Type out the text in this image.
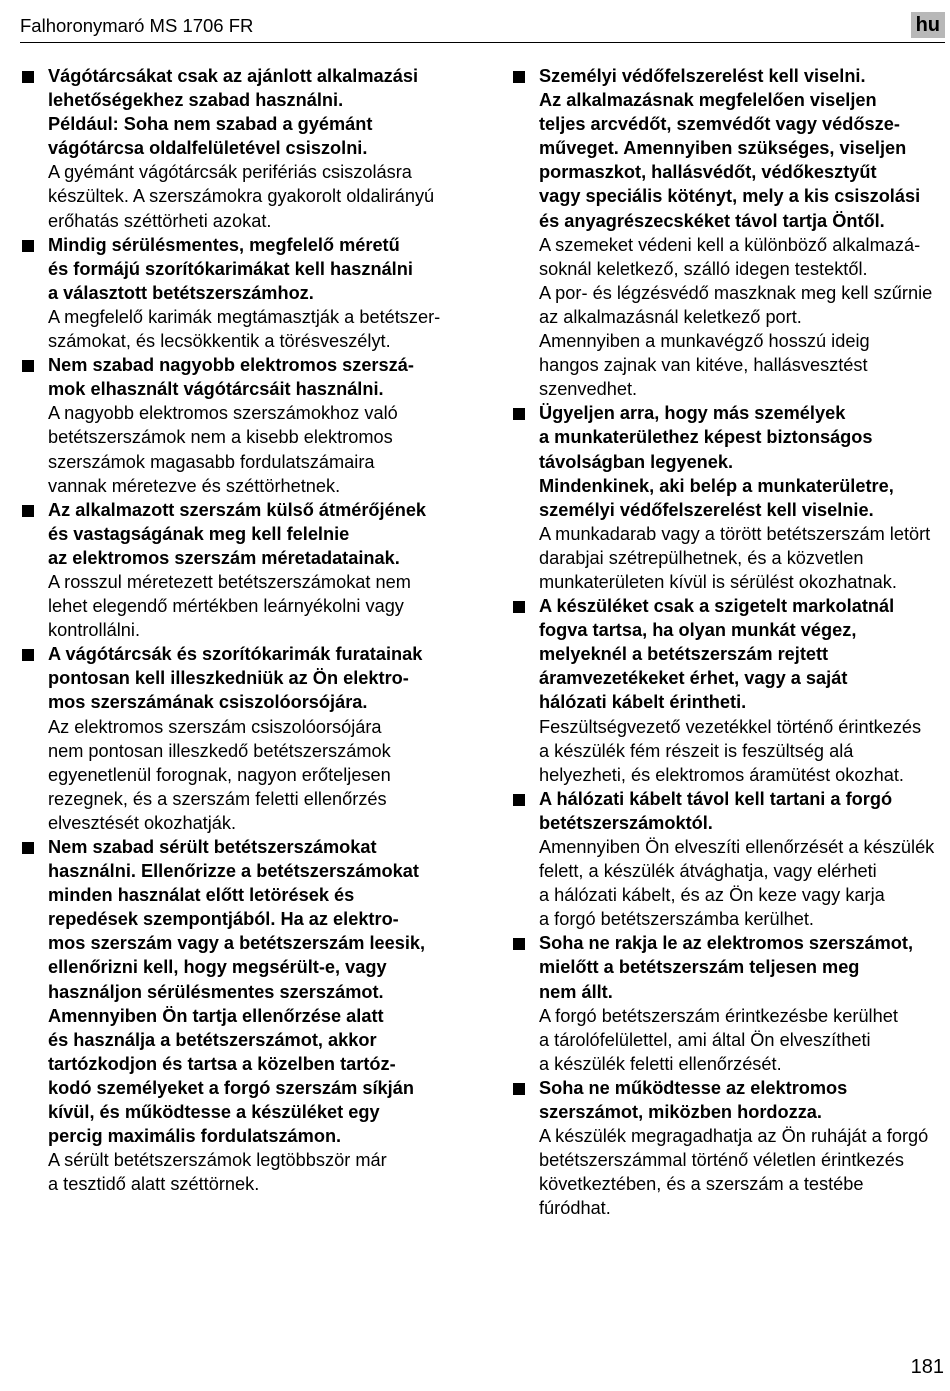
Falhoronymaró MS 1706 FR	hu
Vágótárcsákat csak az ajánlott alkalmazási
lehetőségekhez szabad használni.
Például: Soha nem szabad a gyémánt
vágótárcsa oldalfelületével csiszolni.
A gyémánt vágótárcsák perifériás csiszolásra
készültek. A szerszámokra gyakorolt oldalirányú
erőhatás széttörheti azokat.
Mindig sérülésmentes, megfelelő méretű
és formájú szorítókarimákat kell használni
a választott betétszerszámhoz.
A megfelelő karimák megtámasztják a betétszer-
számokat, és lecsökkentik a törésveszélyt.
Nem szabad nagyobb elektromos szerszá-
mok elhasznált vágótárcsáit használni.
A nagyobb elektromos szerszámokhoz való
betétszerszámok nem a kisebb elektromos
szerszámok magasabb fordulatszámaira
vannak méretezve és széttörhetnek.
Az alkalmazott szerszám külső átmérőjének
és vastagságának meg kell felelnie
az elektromos szerszám méretadatainak.
A rosszul méretezett betétszerszámokat nem
lehet elegendő mértékben leárnyékolni vagy
kontrollálni.
A vágótárcsák és szorítókarimák furatainak
pontosan kell illeszkedniük az Ön elektro-
mos szerszámának csiszolóorsójára.
Az elektromos szerszám csiszolóorsójára
nem pontosan illeszkedő betétszerszámok
egyenetlenül forognak, nagyon erőteljesen
rezegnek, és a szerszám feletti ellenőrzés
elvesztését okozhatják.
Nem szabad sérült betétszerszámokat
használni. Ellenőrizze a betétszerszámokat
minden használat előtt letörések és
repedések szempontjából. Ha az elektro-
mos szerszám vagy a betétszerszám leesik,
ellenőrizni kell, hogy megsérült-e, vagy
használjon sérülésmentes szerszámot.
Amennyiben Ön tartja ellenőrzése alatt
és használja a betétszerszámot, akkor
tartózkodjon és tartsa a közelben tartóz-
kodó személyeket a forgó szerszám síkján
kívül, és működtesse a készüléket egy
percig maximális fordulatszámon.
A sérült betétszerszámok legtöbbször már
a tesztidő alatt széttörnek.
Személyi védőfelszerelést kell viselni.
Az alkalmazásnak megfelelően viseljen
teljes arcvédőt, szemvédőt vagy védősze-
műveget. Amennyiben szükséges, viseljen
pormaszkot, hallásvédőt, védőkesztyűt
vagy speciális kötényt, mely a kis csiszolási
és anyagrészecskéket távol tartja Öntől.
A szemeket védeni kell a különböző alkalmazá-
soknál keletkező, szálló idegen testektől.
A por- és légzésvédő maszknak meg kell szűrnie
az alkalmazásnál keletkező port.
Amennyiben a munkavégző hosszú ideig
hangos zajnak van kitéve, hallásvesztést
szenvedhet.
Ügyeljen arra, hogy más személyek
a munkaterülethez képest biztonságos
távolságban legyenek.
Mindenkinek, aki belép a munkaterületre,
személyi védőfelszerelést kell viselnie.
A munkadarab vagy a törött betétszerszám letört
darabjai szétrepülhetnek, és a közvetlen
munkaterületen kívül is sérülést okozhatnak.
A készüléket csak a szigetelt markolatnál
fogva tartsa, ha olyan munkát végez,
melyeknél a betétszerszám rejtett
áramvezetékeket érhet, vagy a saját
hálózati kábelt érintheti.
Feszültségvezető vezetékkel történő érintkezés
a készülék fém részeit is feszültség alá
helyezheti, és elektromos áramütést okozhat.
A hálózati kábelt távol kell tartani a forgó
betétszerszámoktól.
Amennyiben Ön elveszíti ellenőrzését a készülék
felett, a készülék átvághatja, vagy elérheti
a hálózati kábelt, és az Ön keze vagy karja
a forgó betétszerszámba kerülhet.
Soha ne rakja le az elektromos szerszámot,
mielőtt a betétszerszám teljesen meg
nem állt.
A forgó betétszerszám érintkezésbe kerülhet
a tárolófelülettel, ami által Ön elveszítheti
a készülék feletti ellenőrzését.
Soha ne működtesse az elektromos
szerszámot, miközben hordozza.
A készülék megragadhatja az Ön ruháját a forgó
betétszerszámmal történő véletlen érintkezés
következtében, és a szerszám a testébe
fúródhat.
181
